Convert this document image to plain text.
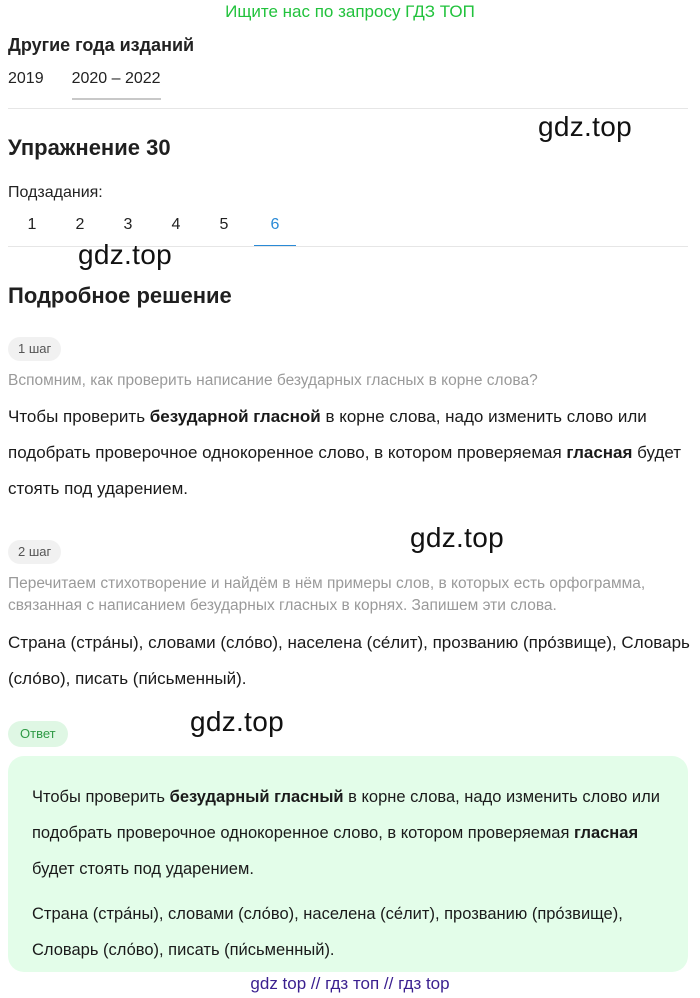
Ищите нас по запросу ГДЗ ТОП
Другие года изданий
2019 2020 – 2022
Упражнение 30
gdz.top
Подзадания:
1	2	3	4	5	6
gdz.top
Подробное решение
1 шаг
Вспомним, как проверить написание безударных гласных в корне слова?
Чтобы проверить безударной гласной в корне слова, надо изменить слово или подобрать проверочное однокоренное слово, в котором проверяемая гласная будет стоять под ударением.
2 шаг	gdz.top
Перечитаем стихотворение и найдём в нём примеры слов, в которых есть орфограмма, связанная с написанием безударных гласных в корнях. Запишем эти слова.
Страна (стра́ны), словами (сло́во), населена (се́лит), прозванию (про́звище), Словарь (сло́во), писать (пи́сьменный).
gdz.top
Ответ
Чтобы проверить безударный гласный в корне слова, надо изменить слово или подобрать проверочное однокоренное слово, в котором проверяемая гласная будет стоять под ударением.
Страна (стра́ны), словами (сло́во), населена (се́лит), прозванию (про́звище), Словарь (сло́во), писать (пи́сьменный).
gdz top // гдз топ // гдз top
